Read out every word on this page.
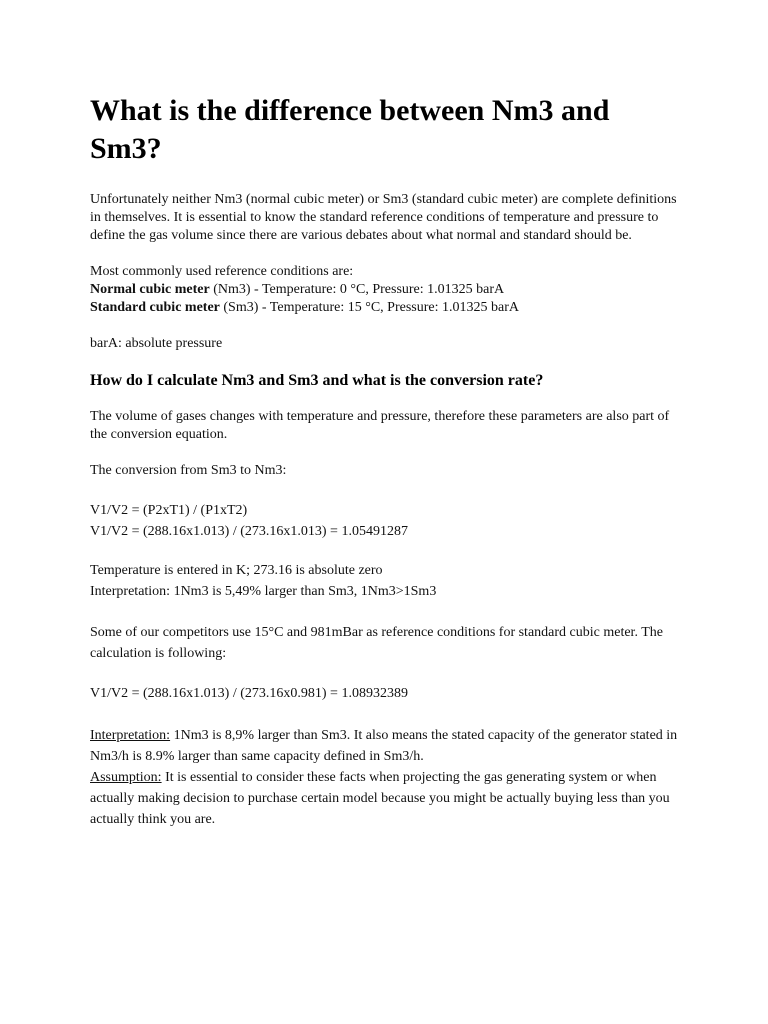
What is the difference between Nm3 and Sm3?

Unfortunately neither Nm3 (normal cubic meter) or Sm3 (standard cubic meter) are complete definitions in themselves. It is essential to know the standard reference conditions of temperature and pressure to define the gas volume since there are various debates about what normal and standard should be.

Most commonly used reference conditions are:
Normal cubic meter (Nm3) - Temperature: 0 °C, Pressure: 1.01325 barA
Standard cubic meter (Sm3) - Temperature: 15 °C, Pressure: 1.01325 barA

barA: absolute pressure

How do I calculate Nm3 and Sm3 and what is the conversion rate?

The volume of gases changes with temperature and pressure, therefore these parameters are also part of the conversion equation.

The conversion from Sm3 to Nm3:

V1/V2 = (P2xT1) / (P1xT2)
V1/V2 = (288.16x1.013) / (273.16x1.013) = 1.05491287

Temperature is entered in K; 273.16 is absolute zero
Interpretation: 1Nm3 is 5,49% larger than Sm3, 1Nm3>1Sm3

Some of our competitors use 15°C and 981mBar as reference conditions for standard cubic meter. The calculation is following:

V1/V2 = (288.16x1.013) / (273.16x0.981) = 1.08932389

Interpretation: 1Nm3 is 8,9% larger than Sm3. It also means the stated capacity of the generator stated in Nm3/h is 8.9% larger than same capacity defined in Sm3/h.

Assumption: It is essential to consider these facts when projecting the gas generating system or when actually making decision to purchase certain model because you might be actually buying less than you actually think you are.
